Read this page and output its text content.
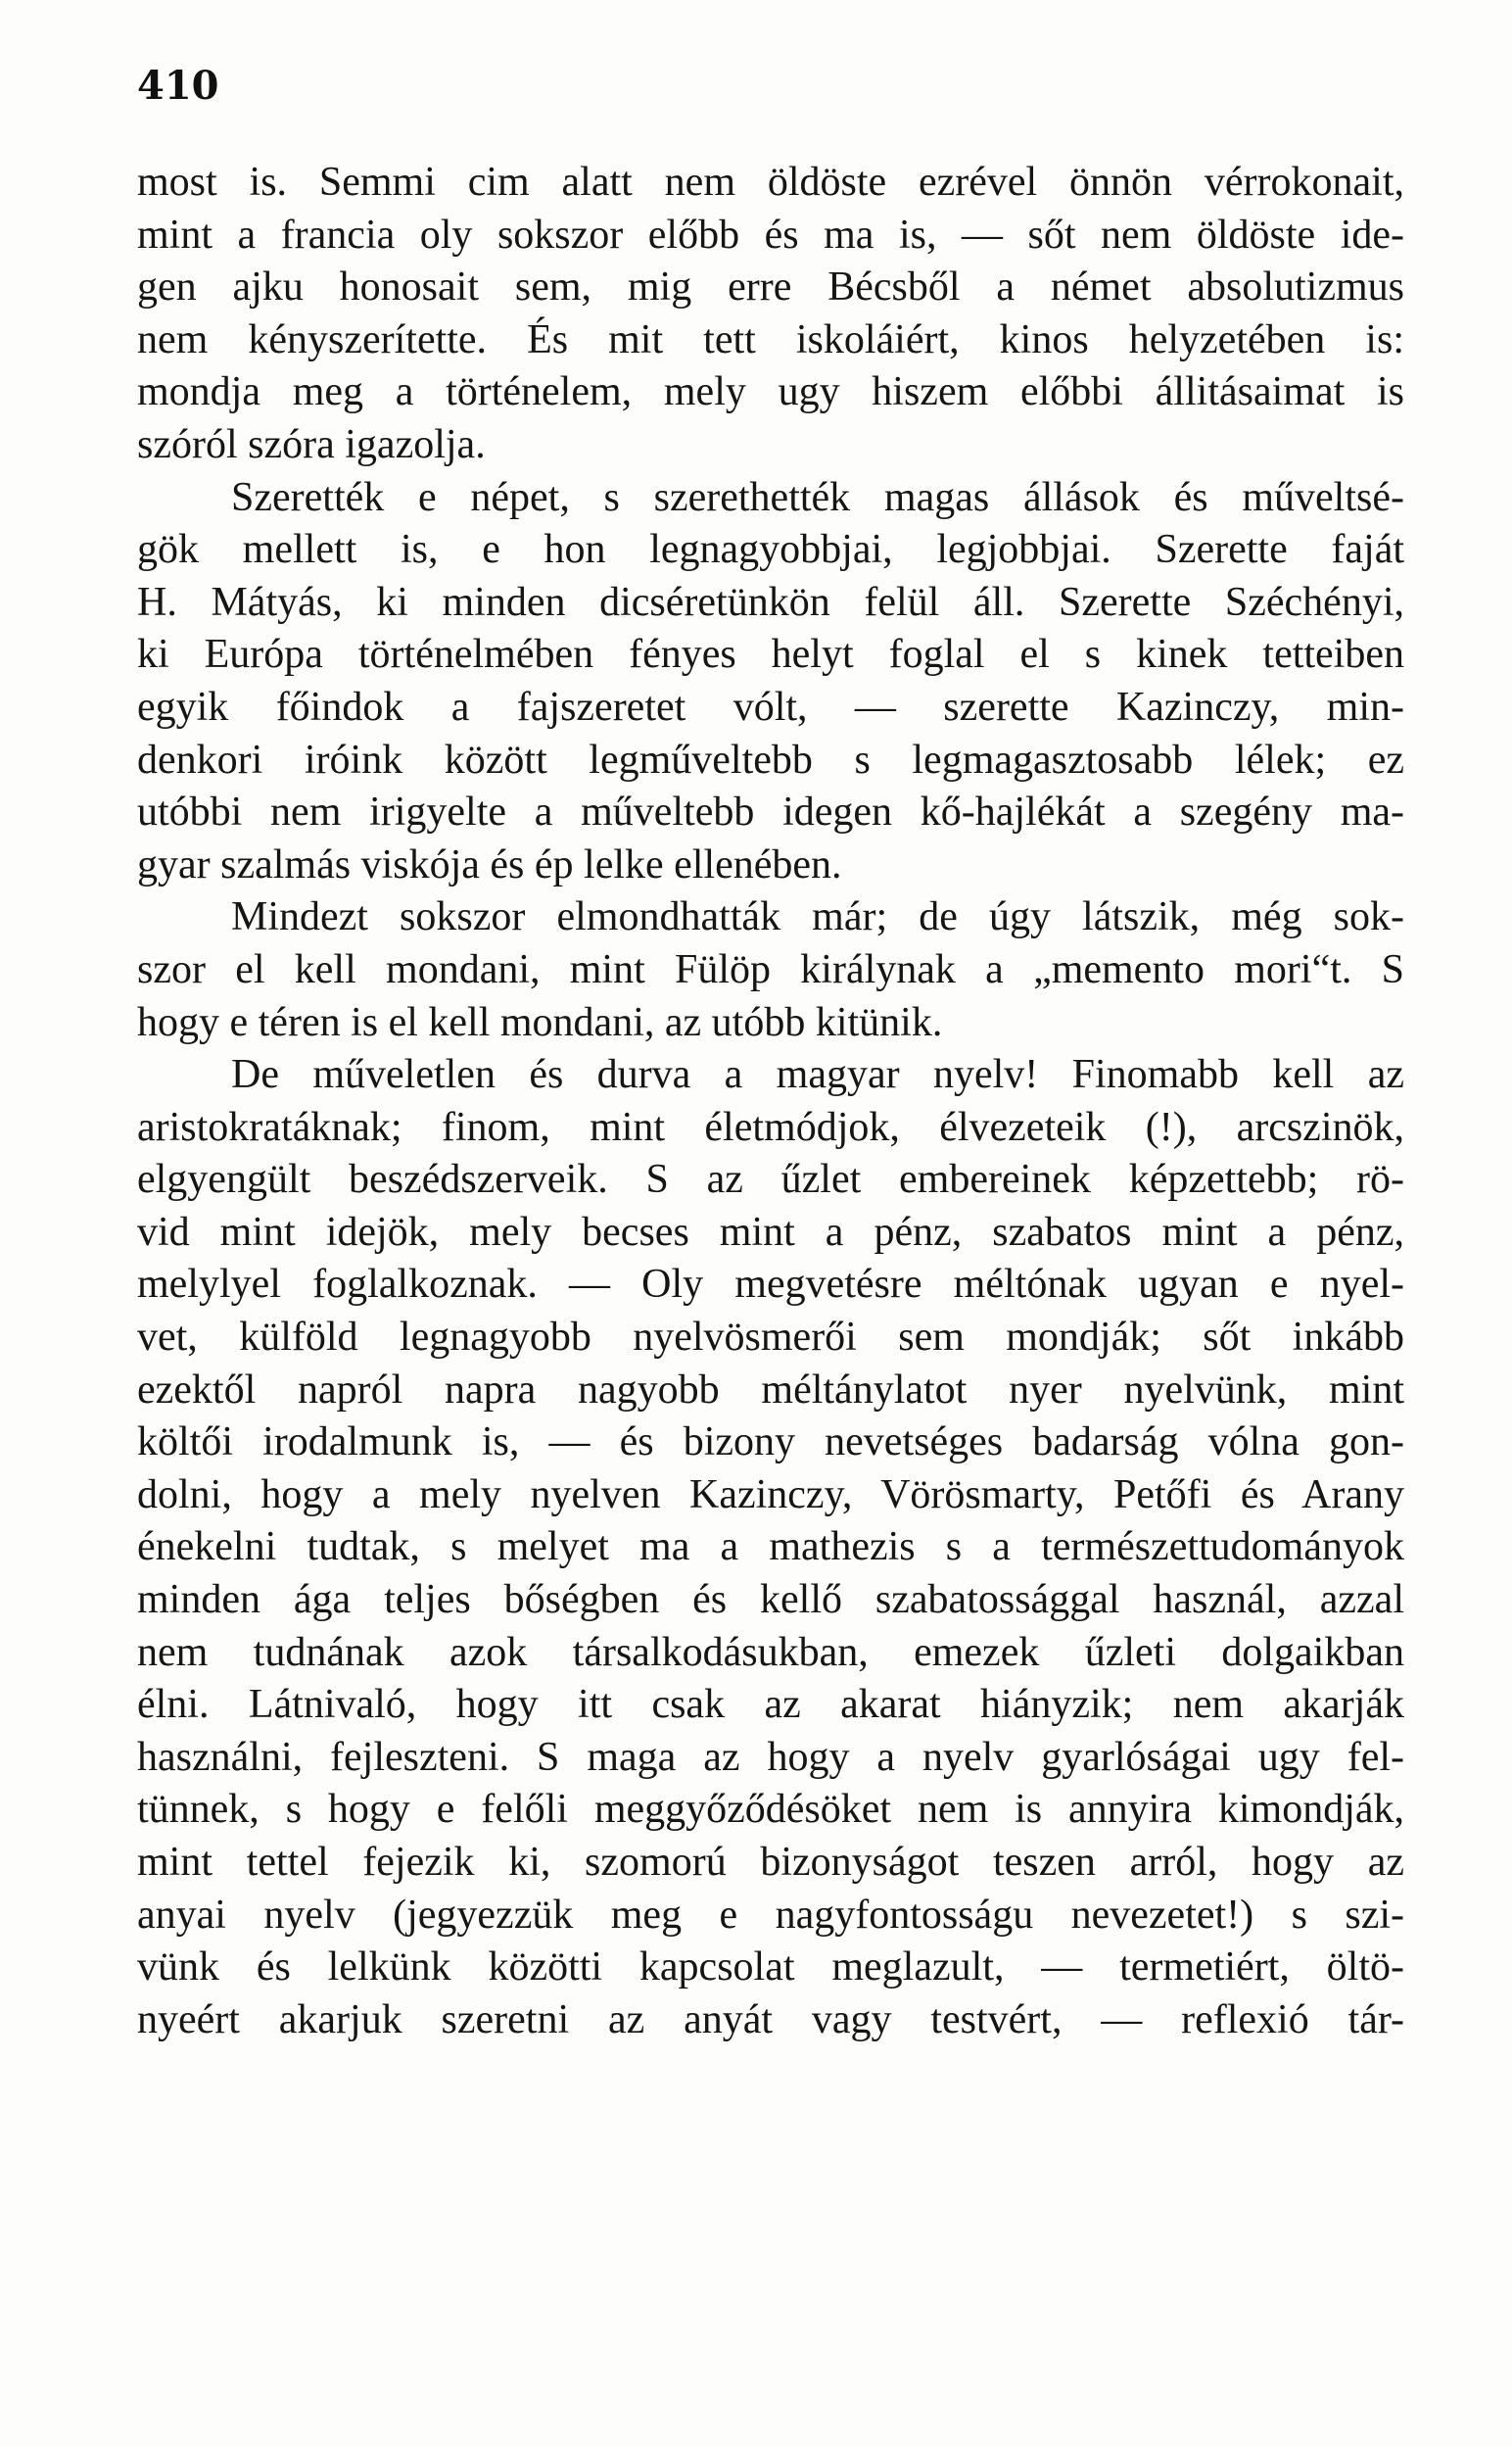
410
most is. Semmi cim alatt nem öldöste ezrével önnön vérrokonait,
mint a francia oly sokszor előbb és ma is, — sőt nem öldöste ide-
gen ajku honosait sem, mig erre Bécsből a német absolutizmus
nem kényszerítette. És mit tett iskoláiért, kinos helyzetében is:
mondja meg a történelem, mely ugy hiszem előbbi állitásaimat is
szóról szóra igazolja.
Szerették e népet, s szerethették magas állások és műveltsé-
gök mellett is, e hon legnagyobbjai, legjobbjai. Szerette faját
H. Mátyás, ki minden dicséretünkön felül áll. Szerette Széchényi,
ki Európa történelmében fényes helyt foglal el s kinek tetteiben
egyik főindok a fajszeretet vólt, — szerette Kazinczy, min-
denkori iróink között legműveltebb s legmagasztosabb lélek; ez
utóbbi nem irigyelte a műveltebb idegen kő-hajlékát a szegény ma-
gyar szalmás viskója és ép lelke ellenében.
Mindezt sokszor elmondhatták már; de úgy látszik, még sok-
szor el kell mondani, mint Fülöp királynak a „memento mori“t. S
hogy e téren is el kell mondani, az utóbb kitünik.
De műveletlen és durva a magyar nyelv! Finomabb kell az
aristokratáknak; finom, mint életmódjok, élvezeteik (!), arcszinök,
elgyengült beszédszerveik. S az űzlet embereinek képzettebb; rö-
vid mint idejök, mely becses mint a pénz, szabatos mint a pénz,
melylyel foglalkoznak. — Oly megvetésre méltónak ugyan e nyel-
vet, külföld legnagyobb nyelvösmerői sem mondják; sőt inkább
ezektől napról napra nagyobb méltánylatot nyer nyelvünk, mint
költői irodalmunk is, — és bizony nevetséges badarság vólna gon-
dolni, hogy a mely nyelven Kazinczy, Vörösmarty, Petőfi és Arany
énekelni tudtak, s melyet ma a mathezis s a természettudományok
minden ága teljes bőségben és kellő szabatossággal használ, azzal
nem tudnának azok társalkodásukban, emezek űzleti dolgaikban
élni. Látnivaló, hogy itt csak az akarat hiányzik; nem akarják
használni, fejleszteni. S maga az hogy a nyelv gyarlóságai ugy fel-
tünnek, s hogy e felőli meggyőződésöket nem is annyira kimondják,
mint tettel fejezik ki, szomorú bizonyságot teszen arról, hogy az
anyai nyelv (jegyezzük meg e nagyfontosságu nevezetet!) s szi-
vünk és lelkünk közötti kapcsolat meglazult, — termetiért, öltö-
nyeért akarjuk szeretni az anyát vagy testvért, — reflexió tár-
